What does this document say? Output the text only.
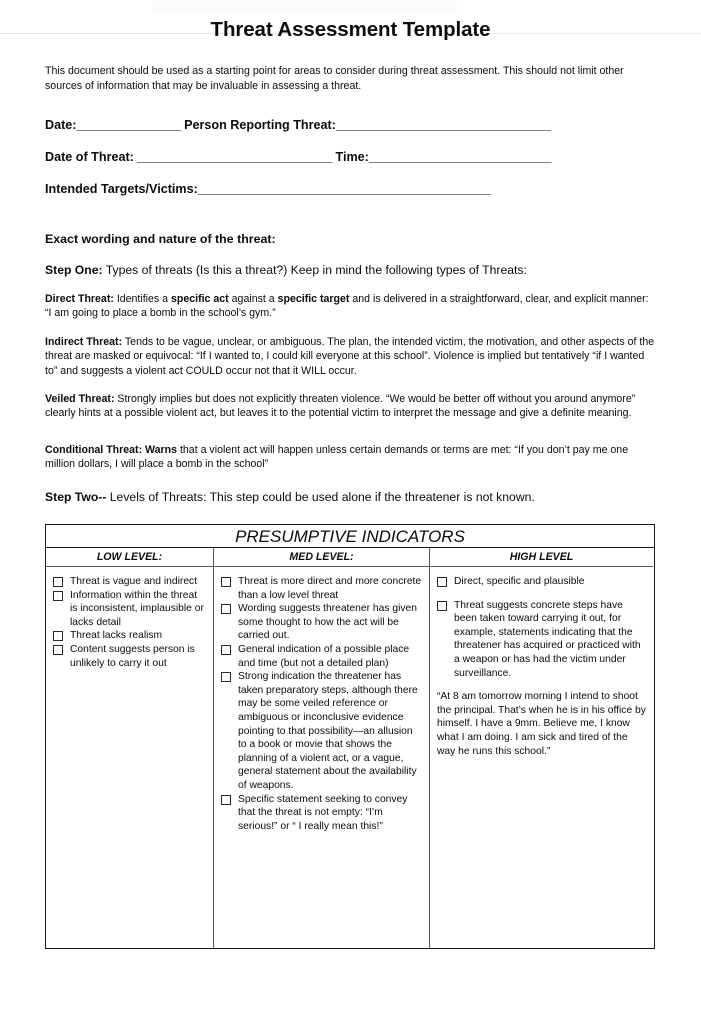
Threat Assessment Template
This document should be used as a starting point for areas to consider during threat assessment. This should not limit other sources of information that may be invaluable in assessing a threat.
Date:________________ Person Reporting Threat:_________________________________
Date of Threat: ______________________________ Time:____________________________
Intended Targets/Victims:_____________________________________________
Exact wording and nature of the threat:
Step One: Types of threats (Is this a threat?) Keep in mind the following types of Threats:
Direct Threat: Identifies a specific act against a specific target and is delivered in a straightforward, clear, and explicit manner: “I am going to place a bomb in the school’s gym.”
Indirect Threat: Tends to be vague, unclear, or ambiguous. The plan, the intended victim, the motivation, and other aspects of the threat are masked or equivocal: “If I wanted to, I could kill everyone at this school”. Violence is implied but tentatively “if I wanted to” and suggests a violent act COULD occur not that it WILL occur.
Veiled Threat: Strongly implies but does not explicitly threaten violence. “We would be better off without you around anymore” clearly hints at a possible violent act, but leaves it to the potential victim to interpret the message and give a definite meaning.
Conditional Threat: Warns that a violent act will happen unless certain demands or terms are met: “If you don’t pay me one million dollars, I will place a bomb in the school”
Step Two-- Levels of Threats: This step could be used alone if the threatener is not known.
PRESUMPTIVE INDICATORS
LOW LEVEL:
Threat is vague and indirect
Information within the threat is inconsistent, implausible or lacks detail
Threat lacks realism
Content suggests person is unlikely to carry it out
MED LEVEL:
Threat is more direct and more concrete than a low level threat
Wording suggests threatener has given some thought to how the act will be carried out.
General indication of a possible place and time (but not a detailed plan)
Strong indication the threatener has taken preparatory steps, although there may be some veiled reference or ambiguous or inconclusive evidence pointing to that possibility—an allusion to a book or movie that shows the planning of a violent act, or a vague, general statement about the availability of weapons.
Specific statement seeking to convey that the threat is not empty: “I’m serious!” or “ I really mean this!”
HIGH LEVEL
Direct, specific and plausible
Threat suggests concrete steps have been taken toward carrying it out, for example, statements indicating that the threatener has acquired or practiced with a weapon or has had the victim under surveillance.
“At 8 am tomorrow morning I intend to shoot the principal. That’s when he is in his office by himself. I have a 9mm. Believe me, I know what I am doing. I am sick and tired of the way he runs this school.”
